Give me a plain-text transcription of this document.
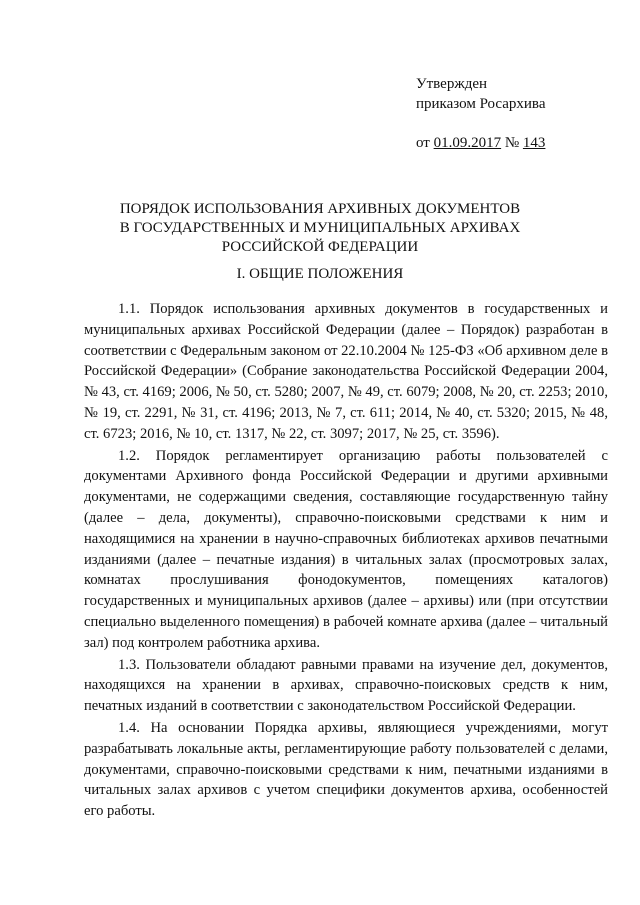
Утвержден
приказом Росархива
от 01.09.2017 № 143
ПОРЯДОК ИСПОЛЬЗОВАНИЯ АРХИВНЫХ ДОКУМЕНТОВ
В ГОСУДАРСТВЕННЫХ И МУНИЦИПАЛЬНЫХ АРХИВАХ
РОССИЙСКОЙ ФЕДЕРАЦИИ
I. ОБЩИЕ ПОЛОЖЕНИЯ

1.1. Порядок использования архивных документов в государственных и муниципальных архивах Российской Федерации (далее – Порядок) разработан в соответствии с Федеральным законом от 22.10.2004 № 125-ФЗ «Об архивном деле в Российской Федерации» (Собрание законодательства Российской Федерации 2004, № 43, ст. 4169; 2006, № 50, ст. 5280; 2007, № 49, ст. 6079; 2008, № 20, ст. 2253; 2010, № 19, ст. 2291, № 31, ст. 4196; 2013, № 7, ст. 611; 2014, № 40, ст. 5320; 2015, № 48, ст. 6723; 2016, № 10, ст. 1317, № 22, ст. 3097; 2017, № 25, ст. 3596).

1.2. Порядок регламентирует организацию работы пользователей с документами Архивного фонда Российской Федерации и другими архивными документами, не содержащими сведения, составляющие государственную тайну (далее – дела, документы), справочно-поисковыми средствами к ним и находящимися на хранении в научно-справочных библиотеках архивов печатными изданиями (далее – печатные издания) в читальных залах (просмотровых залах, комнатах прослушивания фонодокументов, помещениях каталогов) государственных и муниципальных архивов (далее – архивы) или (при отсутствии специально выделенного помещения) в рабочей комнате архива (далее – читальный зал) под контролем работника архива.

1.3. Пользователи обладают равными правами на изучение дел, документов, находящихся на хранении в архивах, справочно-поисковых средств к ним, печатных изданий в соответствии с законодательством Российской Федерации.

1.4. На основании Порядка архивы, являющиеся учреждениями, могут разрабатывать локальные акты, регламентирующие работу пользователей с делами, документами, справочно-поисковыми средствами к ним, печатными изданиями в читальных залах архивов с учетом специфики документов архива, особенностей его работы.
